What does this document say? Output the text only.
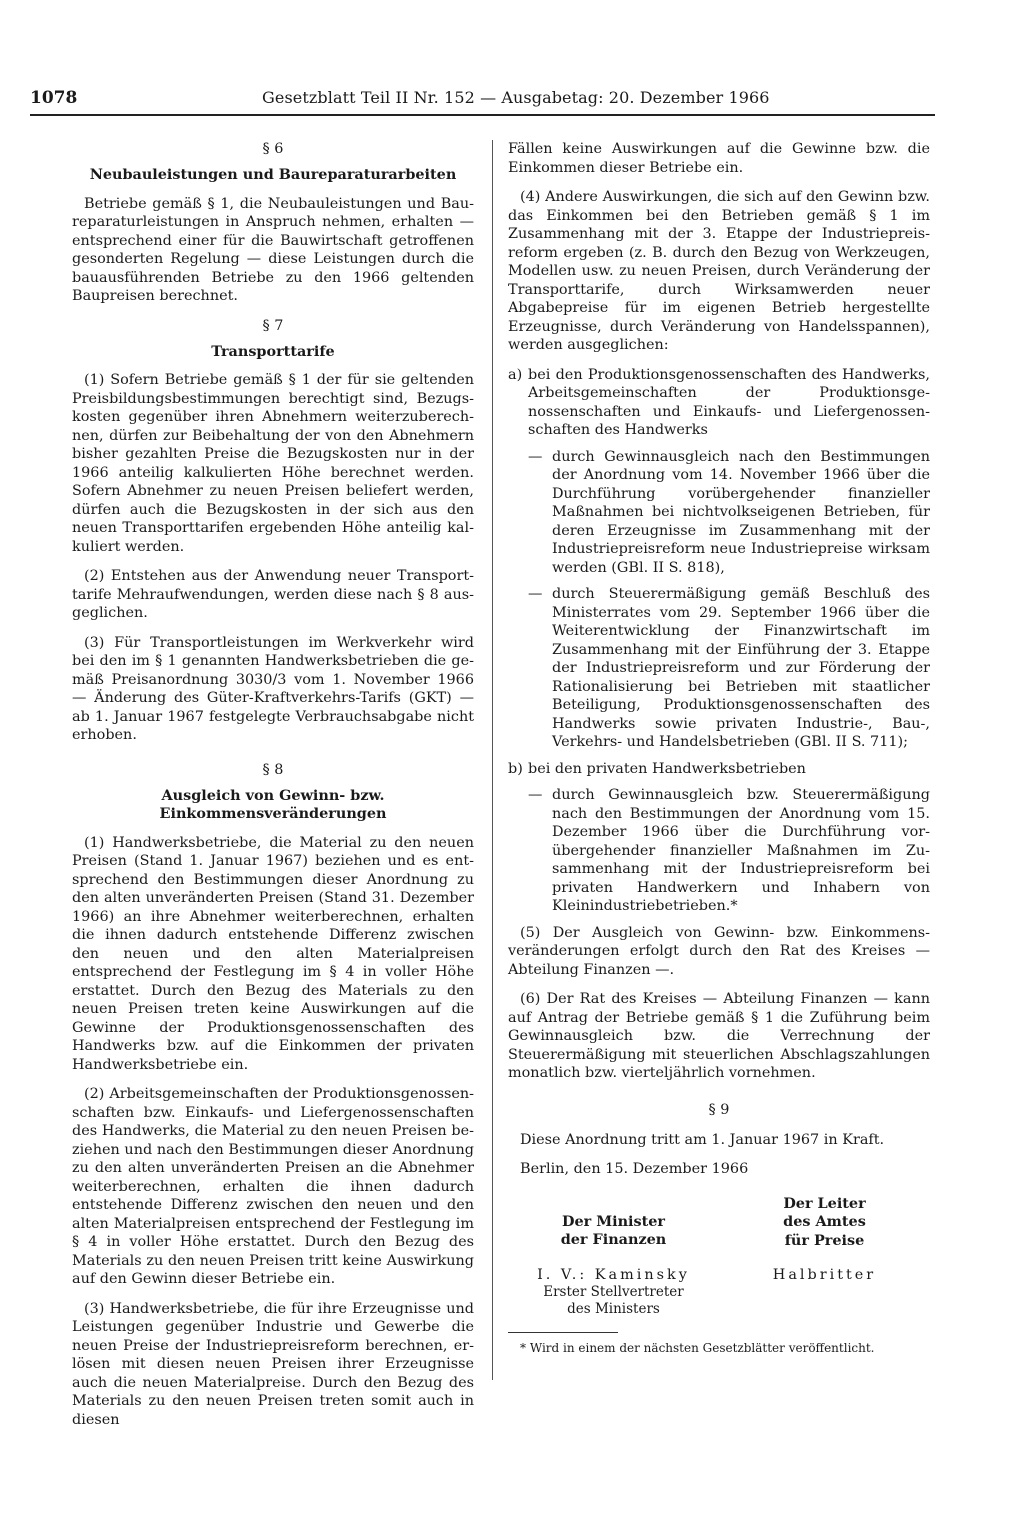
1078	Gesetzblatt Teil II Nr. 152 — Ausgabetag: 20. Dezember 1966
§ 6
Neubauleistungen und Baureparaturarbeiten

Betriebe gemäß § 1, die Neubauleistungen und Baureparaturleistungen in Anspruch nehmen, erhalten — entsprechend einer für die Bauwirtschaft getroffenen gesonderten Regelung — diese Leistungen durch die bauausführenden Betriebe zu den 1966 geltenden Baupreisen berechnet.

§ 7
Transporttarife

(1) Sofern Betriebe gemäß § 1 der für sie geltenden Preisbildungsbestimmungen berechtigt sind, Bezugskosten gegenüber ihren Abnehmern weiterzuberechnen, dürfen zur Beibehaltung der von den Abnehmern bisher gezahlten Preise die Bezugskosten nur in der 1966 anteilig kalkulierten Höhe berechnet werden. Sofern Abnehmer zu neuen Preisen beliefert werden, dürfen auch die Bezugskosten in der sich aus den neuen Transporttarifen ergebenden Höhe anteilig kalkuliert werden.

(2) Entstehen aus der Anwendung neuer Transporttarife Mehraufwendungen, werden diese nach § 8 ausgeglichen.

(3) Für Transportleistungen im Werkverkehr wird bei den im § 1 genannten Handwerksbetrieben die gemäß Preisanordnung 3030/3 vom 1. November 1966 — Änderung des Güter-Kraftverkehrs-Tarifs (GKT) — ab 1. Januar 1967 festgelegte Verbrauchsabgabe nicht erhoben.

§ 8
Ausgleich von Gewinn- bzw.
Einkommensveränderungen

(1) Handwerksbetriebe, die Material zu den neuen Preisen (Stand 1. Januar 1967) beziehen und es entsprechend den Bestimmungen dieser Anordnung zu den alten unveränderten Preisen (Stand 31. Dezember 1966) an ihre Abnehmer weiterberechnen, erhalten die ihnen dadurch entstehende Differenz zwischen den neuen und den alten Materialpreisen entsprechend der Festlegung im § 4 in voller Höhe erstattet. Durch den Bezug des Materials zu den neuen Preisen treten keine Auswirkungen auf die Gewinne der Produktionsgenossenschaften des Handwerks bzw. auf die Einkommen der privaten Handwerksbetriebe ein.

(2) Arbeitsgemeinschaften der Produktionsgenossenschaften bzw. Einkaufs- und Liefergenossenschaften des Handwerks, die Material zu den neuen Preisen beziehen und nach den Bestimmungen dieser Anordnung zu den alten unveränderten Preisen an die Abnehmer weiterberechnen, erhalten die ihnen dadurch entstehende Differenz zwischen den neuen und den alten Materialpreisen entsprechend der Festlegung im § 4 in voller Höhe erstattet. Durch den Bezug des Materials zu den neuen Preisen tritt keine Auswirkung auf den Gewinn dieser Betriebe ein.

(3) Handwerksbetriebe, die für ihre Erzeugnisse und Leistungen gegenüber Industrie und Gewerbe die neuen Preise der Industriepreisreform berechnen, erlösen mit diesen neuen Preisen ihrer Erzeugnisse auch die neuen Materialpreise. Durch den Bezug des Materials zu den neuen Preisen treten somit auch in diesen

Fällen keine Auswirkungen auf die Gewinne bzw. die Einkommen dieser Betriebe ein.

(4) Andere Auswirkungen, die sich auf den Gewinn bzw. das Einkommen bei den Betrieben gemäß § 1 im Zusammenhang mit der 3. Etappe der Industriepreisreform ergeben (z. B. durch den Bezug von Werkzeugen, Modellen usw. zu neuen Preisen, durch Veränderung der Transporttarife, durch Wirksamwerden neuer Abgabepreise für im eigenen Betrieb hergestellte Erzeugnisse, durch Veränderung von Handelsspannen), werden ausgeglichen:

a) bei den Produktionsgenossenschaften des Handwerks, Arbeitsgemeinschaften der Produktionsgenossenschaften und Einkaufs- und Liefergenossenschaften des Handwerks
— durch Gewinnausgleich nach den Bestimmungen der Anordnung vom 14. November 1966 über die Durchführung vorübergehender finanzieller Maßnahmen bei nichtvolkseigenen Betrieben, für deren Erzeugnisse im Zusammenhang mit der Industriepreisreform neue Industriepreise wirksam werden (GBl. II S. 818),
— durch Steuerermäßigung gemäß Beschluß des Ministerrates vom 29. September 1966 über die Weiterentwicklung der Finanzwirtschaft im Zusammenhang mit der Einführung der 3. Etappe der Industriepreisreform und zur Förderung der Rationalisierung bei Betrieben mit staatlicher Beteiligung, Produktionsgenossenschaften des Handwerks sowie privaten Industrie-, Bau-, Verkehrs- und Handelsbetrieben (GBl. II S. 711);
b) bei den privaten Handwerksbetrieben
— durch Gewinnausgleich bzw. Steuerermäßigung nach den Bestimmungen der Anordnung vom 15. Dezember 1966 über die Durchführung vorübergehender finanzieller Maßnahmen im Zusammenhang mit der Industriepreisreform bei privaten Handwerkern und Inhabern von Kleinindustriebetrieben.*

(5) Der Ausgleich von Gewinn- bzw. Einkommensveränderungen erfolgt durch den Rat des Kreises — Abteilung Finanzen —.

(6) Der Rat des Kreises — Abteilung Finanzen — kann auf Antrag der Betriebe gemäß § 1 die Zuführung beim Gewinnausgleich bzw. die Verrechnung der Steuerermäßigung mit steuerlichen Abschlagszahlungen monatlich bzw. vierteljährlich vornehmen.

§ 9

Diese Anordnung tritt am 1. Januar 1967 in Kraft.

Berlin, den 15. Dezember 1966

Der Minister
der Finanzen
I. V.: Kaminsky
Erster Stellvertreter
des Ministers
Der Leiter
des Amtes
für Preise
Halbritter
* Wird in einem der nächsten Gesetzblätter veröffentlicht.
